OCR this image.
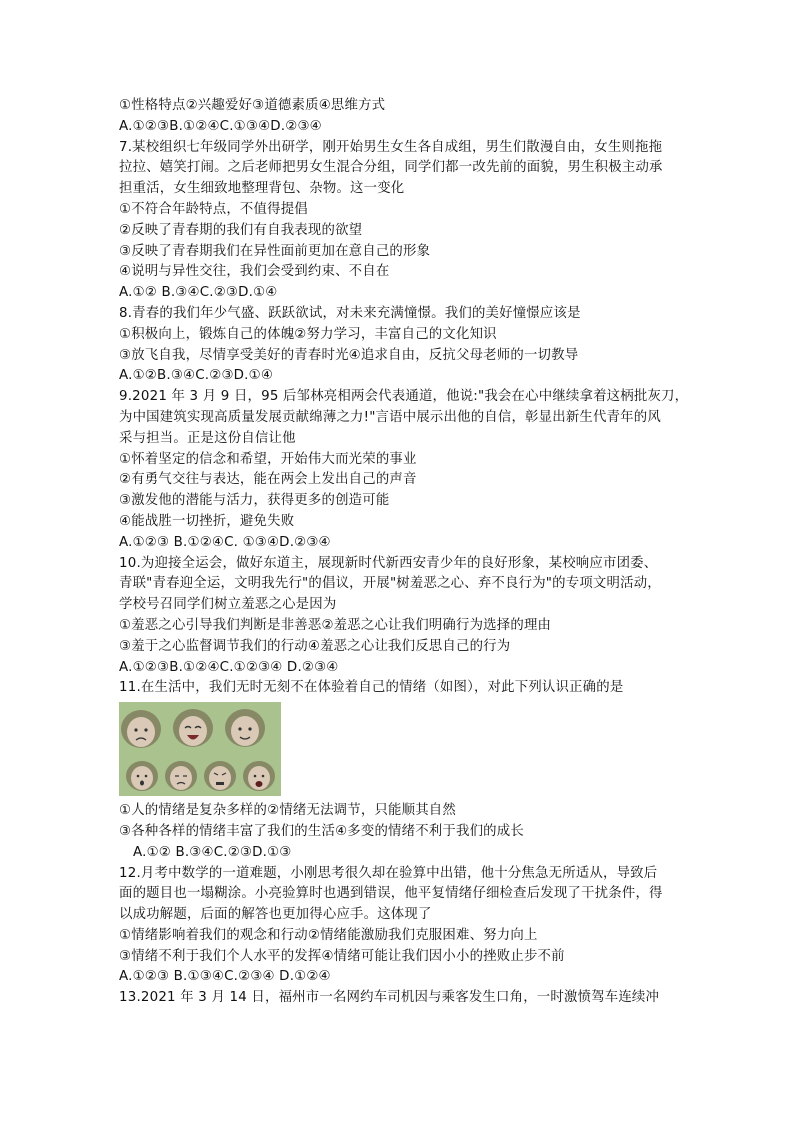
①性格特点②兴趣爱好③道德素质④思维方式
A.①②③B.①②④C.①③④D.②③④
7.某校组织七年级同学外出研学，刚开始男生女生各自成组，男生们散漫自由，女生则拖拖
拉拉、嬉笑打闹。之后老师把男女生混合分组，同学们都一改先前的面貌，男生积极主动承
担重活，女生细致地整理背包、杂物。这一变化
①不符合年龄特点，不值得提倡
②反映了青春期的我们有自我表现的欲望
③反映了青春期我们在异性面前更加在意自己的形象
④说明与异性交往，我们会受到约束、不自在
A.①② B.③④C.②③D.①④
8.青春的我们年少气盛、跃跃欲试，对未来充满憧憬。我们的美好憧憬应该是
①积极向上，锻炼自己的体魄②努力学习，丰富自己的文化知识
③放飞自我，尽情享受美好的青春时光④追求自由，反抗父母老师的一切教导
A.①②B.③④C.②③D.①④
9.2021 年 3 月 9 日，95 后邹林亮相两会代表通道，他说:"我会在心中继续拿着这柄批灰刀，
为中国建筑实现高质量发展贡献绵薄之力!"言语中展示出他的自信，彰显出新生代青年的风
采与担当。正是这份自信让他
①怀着坚定的信念和希望，开始伟大而光荣的事业
②有勇气交往与表达，能在两会上发出自己的声音
③激发他的潜能与活力，获得更多的创造可能
④能战胜一切挫折，避免失败
A.①②③ B.①②④C. ①③④D.②③④
10.为迎接全运会，做好东道主，展现新时代新西安青少年的良好形象，某校响应市团委、
青联"青春迎全运，文明我先行"的倡议，开展"树羞恶之心、弃不良行为"的专项文明活动，
学校号召同学们树立羞恶之心是因为
①羞恶之心引导我们判断是非善恶②羞恶之心让我们明确行为选择的理由
③羞于之心监督调节我们的行动④羞恶之心让我们反思自己的行为
A.①②③B.①②④C.①②③④ D.②③④
11.在生活中，我们无时无刻不在体验着自己的情绪（如图），对此下列认识正确的是
①人的情绪是复杂多样的②情绪无法调节，只能顺其自然
③各种各样的情绪丰富了我们的生活④多变的情绪不利于我们的成长
A.①② B.③④C.②③D.①③
12.月考中数学的一道难题，小刚思考很久却在验算中出错，他十分焦急无所适从，导致后
面的题目也一塌糊涂。小亮验算时也遇到错误，他平复情绪仔细检查后发现了干扰条件，得
以成功解题，后面的解答也更加得心应手。这体现了
①情绪影响着我们的观念和行动②情绪能激励我们克服困难、努力向上
③情绪不利于我们个人水平的发挥④情绪可能让我们因小小的挫败止步不前
A.①②③ B.①③④C.②③④ D.①②④
13.2021 年 3 月 14 日，福州市一名网约车司机因与乘客发生口角，一时激愤驾车连续冲
